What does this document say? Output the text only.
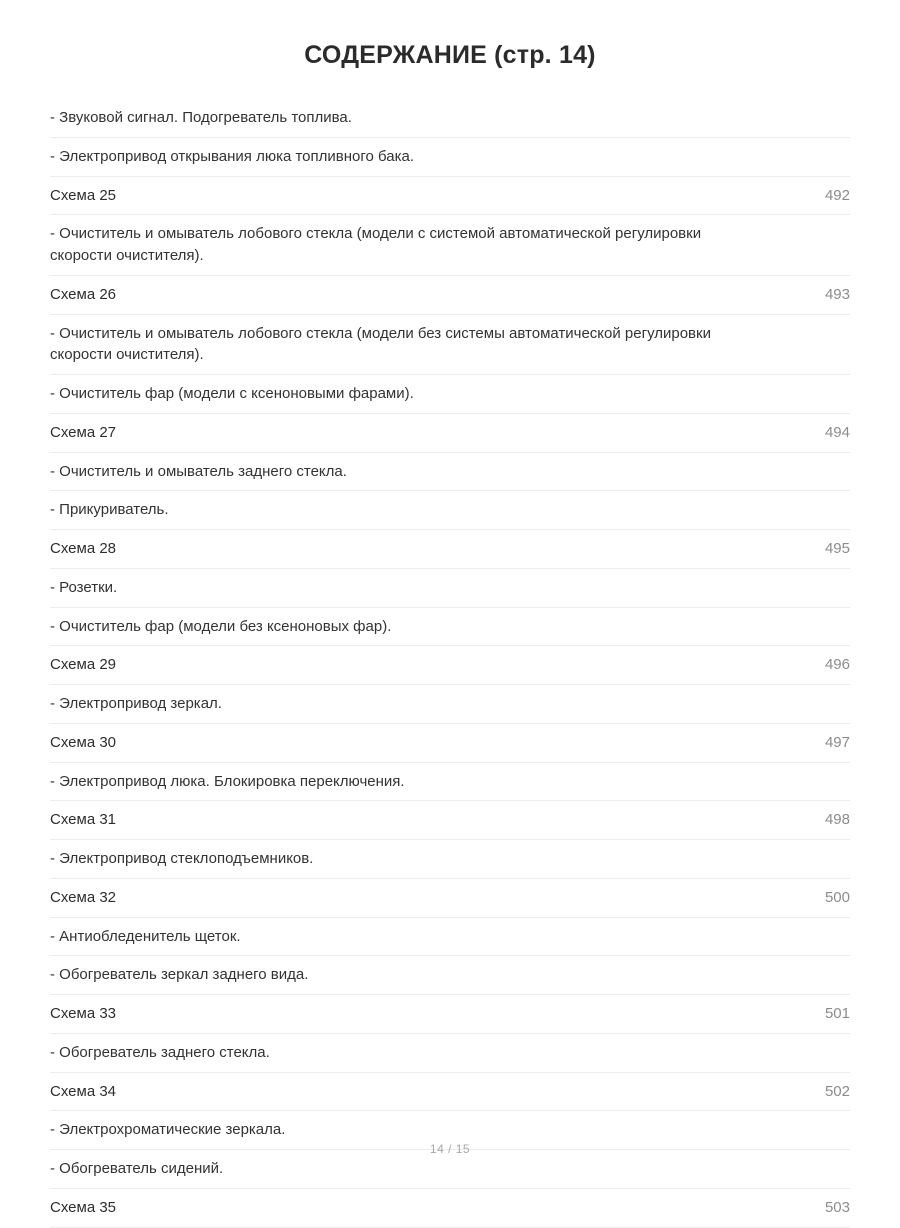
СОДЕРЖАНИЕ (стр. 14)
- Звуковой сигнал. Подогреватель топлива.
- Электропривод открывания люка топливного бака.
Схема 25	492
- Очиститель и омыватель лобового стекла (модели с системой автоматической регулировки скорости очистителя).
Схема 26	493
- Очиститель и омыватель лобового стекла (модели без системы автоматической регулировки скорости очистителя).
- Очиститель фар (модели с ксеноновыми фарами).
Схема 27	494
- Очиститель и омыватель заднего стекла.
- Прикуриватель.
Схема 28	495
- Розетки.
- Очиститель фар (модели без ксеноновых фар).
Схема 29	496
- Электропривод зеркал.
Схема 30	497
- Электропривод люка. Блокировка переключения.
Схема 31	498
- Электропривод стеклоподъемников.
Схема 32	500
- Антиобледенитель щеток.
- Обогреватель зеркал заднего вида.
Схема 33	501
- Обогреватель заднего стекла.
Схема 34	502
- Электрохроматические зеркала.
- Обогреватель сидений.
Схема 35	503
14 / 15
